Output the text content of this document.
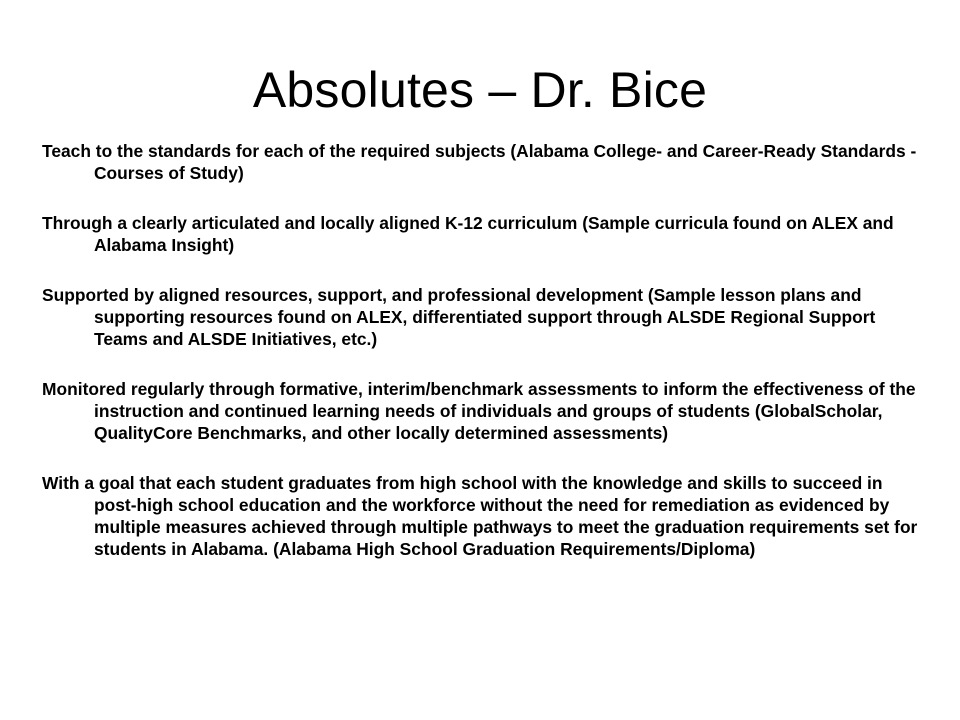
Absolutes – Dr. Bice
Teach to the standards for each of the required subjects (Alabama College- and Career-Ready Standards - Courses of Study)
Through a clearly articulated and locally aligned K-12 curriculum (Sample curricula found on ALEX and Alabama Insight)
Supported by aligned resources, support, and professional development (Sample lesson plans and supporting resources found on ALEX, differentiated support through ALSDE Regional Support Teams and ALSDE Initiatives, etc.)
Monitored regularly through formative, interim/benchmark assessments to inform the effectiveness of the instruction and continued learning needs of individuals and groups of students (GlobalScholar, QualityCore Benchmarks, and other locally determined assessments)
With a goal that each student graduates from high school with the knowledge and skills to succeed in post-high school education and the workforce without the need for remediation as evidenced by multiple measures achieved through multiple pathways to meet the graduation requirements set for students in Alabama. (Alabama High School Graduation Requirements/Diploma)
